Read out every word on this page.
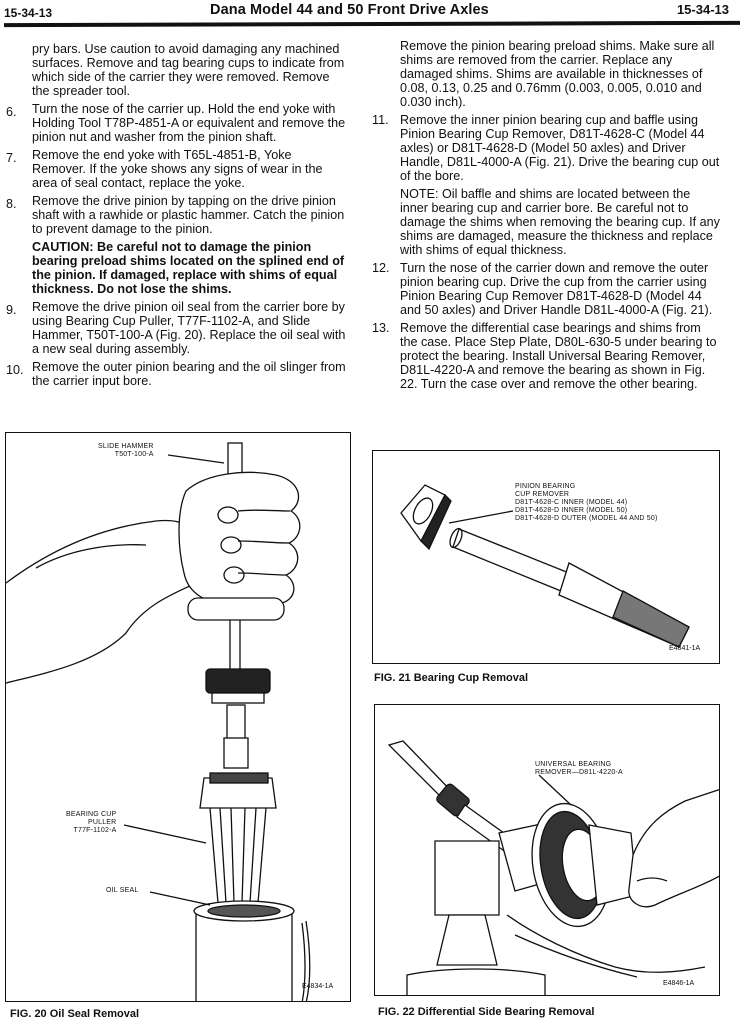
15-34-13	Dana Model 44 and 50 Front Drive Axles	15-34-13

pry bars. Use caution to avoid damaging any machined surfaces. Remove and tag bearing cups to indicate from which side of the carrier they were removed. Remove the spreader tool.

6. Turn the nose of the carrier up. Hold the end yoke with Holding Tool T78P-4851-A or equivalent and remove the pinion nut and washer from the pinion shaft.
7. Remove the end yoke with T65L-4851-B, Yoke Remover. If the yoke shows any signs of wear in the area of seal contact, replace the yoke.
8. Remove the drive pinion by tapping on the drive pinion shaft with a rawhide or plastic hammer. Catch the pinion to prevent damage to the pinion.

CAUTION: Be careful not to damage the pinion bearing preload shims located on the splined end of the pinion. If damaged, replace with shims of equal thickness. Do not lose the shims.

9. Remove the drive pinion oil seal from the carrier bore by using Bearing Cup Puller, T77F-1102-A, and Slide Hammer, T50T-100-A (Fig. 20). Replace the oil seal with a new seal during assembly.
10. Remove the outer pinion bearing and the oil slinger from the carrier input bore.

Remove the pinion bearing preload shims. Make sure all shims are removed from the carrier. Replace any damaged shims. Shims are available in thicknesses of 0.08, 0.13, 0.25 and 0.76mm (0.003, 0.005, 0.010 and 0.030 inch).

11. Remove the inner pinion bearing cup and baffle using Pinion Bearing Cup Remover, D81T-4628-C (Model 44 axles) or D81T-4628-D (Model 50 axles) and Driver Handle, D81L-4000-A (Fig. 21). Drive the bearing cup out of the bore.

NOTE: Oil baffle and shims are located between the inner bearing cup and carrier bore. Be careful not to damage the shims when removing the bearing cup. If any shims are damaged, measure the thickness and replace with shims of equal thickness.

12. Turn the nose of the carrier down and remove the outer pinion bearing cup. Drive the cup from the carrier using Pinion Bearing Cup Remover D81T-4628-D (Model 44 and 50 axles) and Driver Handle D81L-4000-A (Fig. 21).
13. Remove the differential case bearings and shims from the case. Place Step Plate, D80L-630-5 under bearing to protect the bearing. Install Universal Bearing Remover, D81L-4220-A and remove the bearing as shown in Fig. 22. Turn the case over and remove the other bearing.
SLIDE HAMMER
T50T-100-A
BEARING CUP
PULLER
T77F-1102-A
OIL SEAL
E4834-1A
FIG. 20 Oil Seal Removal
PINION BEARING
CUP REMOVER
D81T-4628-C INNER (MODEL 44)
D81T-4628-D INNER (MODEL 50)
D81T-4628-D OUTER (MODEL 44 AND 50)
E4841-1A
FIG. 21 Bearing Cup Removal
UNIVERSAL BEARING
REMOVER—D81L-4220-A
E4846-1A
FIG. 22 Differential Side Bearing Removal
